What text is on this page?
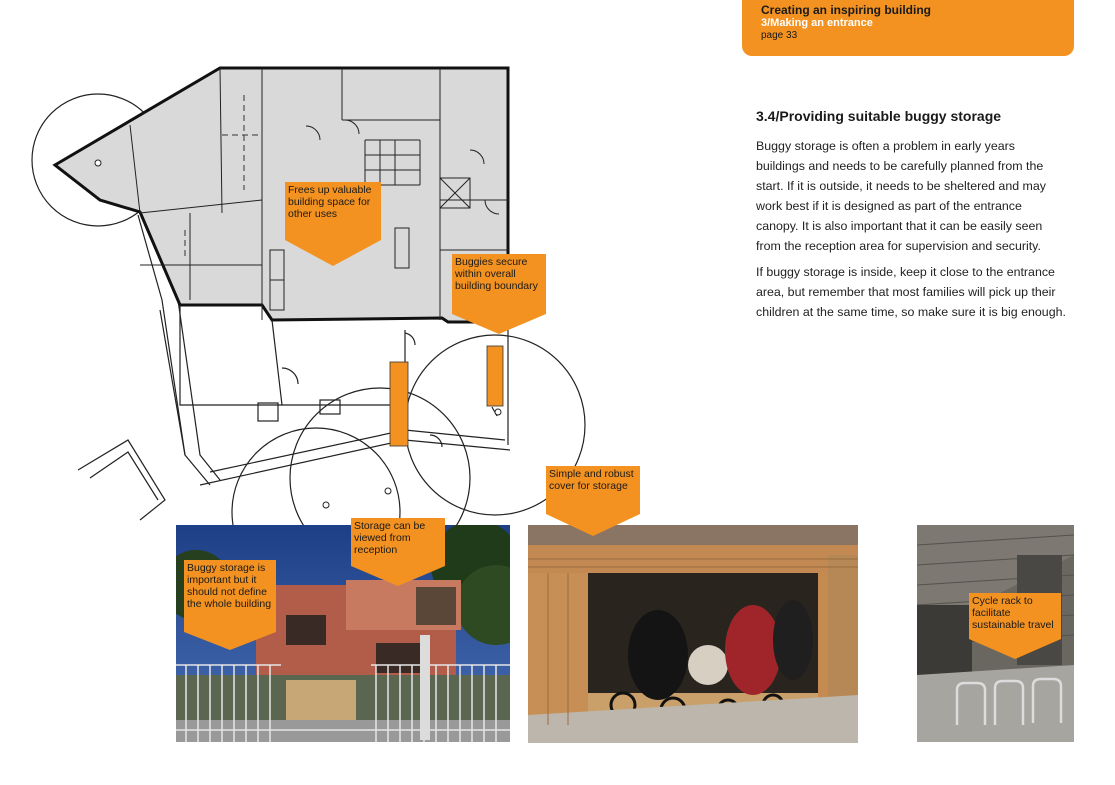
Creating an inspiring building
3/Making an entrance
page 33
Frees up valuable building space for other uses
Buggies secure within overall building boundary
Simple and robust cover for storage
Buggy storage is important but it should not define the whole building
Storage can be viewed from reception
Cycle rack to facilitate sustainable travel
3.4/Providing suitable buggy storage

Buggy storage is often a problem in early years buildings and needs to be carefully planned from the start. If it is outside, it needs to be sheltered and may work best if it is designed as part of the entrance canopy. It is also important that it can be easily seen from the reception area for supervision and security.

If buggy storage is inside, keep it close to the entrance area, but remember that most families will pick up their children at the same time, so make sure it is big enough.
